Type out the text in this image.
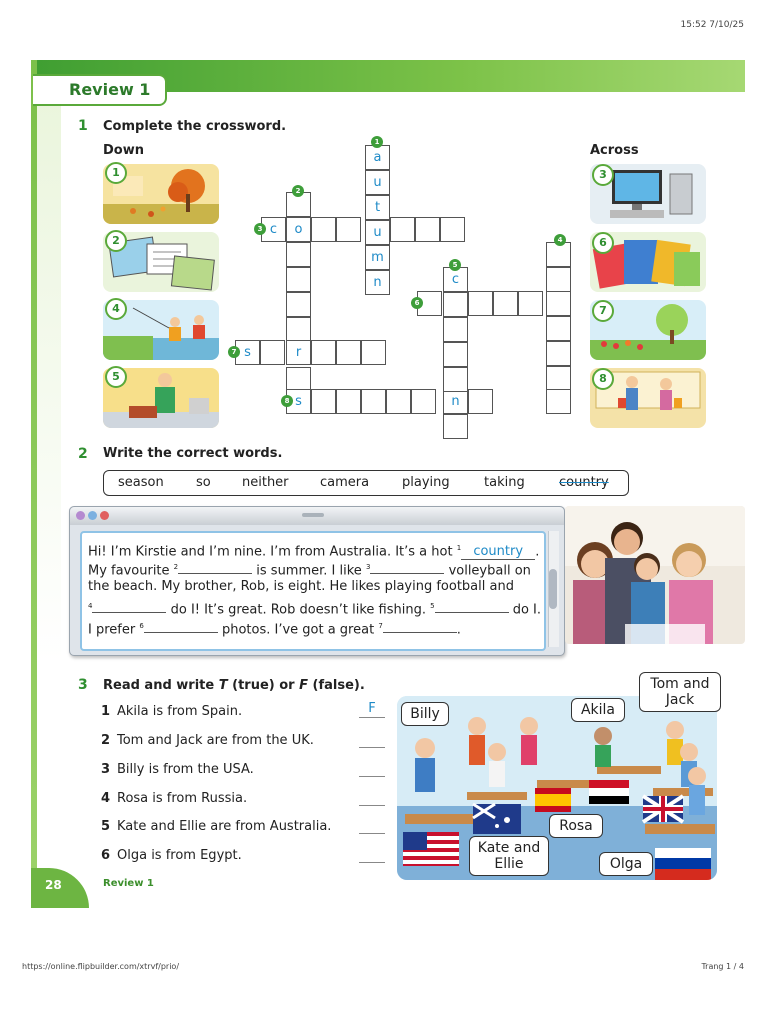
15:52 7/10/25
Review 1
1 Complete the crossword.
Down	Across
1
2
4
5
3
6
7
8
a
u
t
u
m
n
c	o
s	r
s	n
c
1
2
3
4
5
6
7
8
2 Write the correct words.
season so neither camera	playing	taking	country
Hi! I’m Kirstie and I’m nine. I’m from Australia. It’s a hot $^1$ country .
My favourite $^2$	is summer. I like $^3$	volleyball on
the beach. My brother, Rob, is eight. He likes playing football and
$^4$	do I! It’s great. Rob doesn’t like fishing. $^5$	do I.
I prefer $^6$	photos. I’ve got a great $^7$	.
3 Read and write T (true) or F (false).
1 Akila is from Spain.	F
2 Tom and Jack are from the UK.
3 Billy is from the USA.
4 Rosa is from Russia.
5 Kate and Ellie are from Australia.
6 Olga is from Egypt.
Billy	Akila
Tom and
Jack
Rosa
Kate and
Ellie	Olga
28	Review 1
https://online.flipbuilder.com/xtrvf/prio/	Trang 1 / 4
